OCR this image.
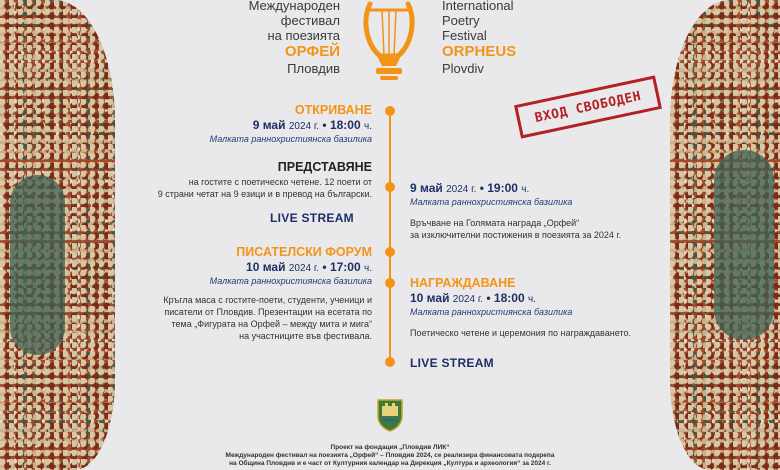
Международен
фестивал
на поезията
ОРФЕЙ
Пловдив
International
Poetry
Festival
ORPHEUS
Plovdiv
ВХОД СВОБОДЕН
ОТКРИВАНЕ
9 май 2024 г. • 18:00 ч.
Малката раннохристиянска базилика
ПРЕДСТАВЯНЕ
на гостите с поетическо четене. 12 поети от
9 страни четат на 9 езици и в превод на български.
LIVE STREAM
ПИСАТЕЛСКИ ФОРУМ
10 май 2024 г. • 17:00 ч.
Малката раннохристиянска базилика
Кръгла маса с гостите-поети, студенти, ученици и
писатели от Пловдив. Презентации на есетата по
тема „Фигурата на Орфей – между мита и мига“
на участниците във фестивала.
9 май 2024 г. • 19:00 ч.
Малката раннохристиянска базилика
Връчване на Голямата награда „Орфей“
за изключителни постижения в поезията за 2024 г.
НАГРАЖДАВАНЕ
10 май 2024 г. • 18:00 ч.
Малката раннохристиянска базилика
Поетическо четене и церемония по награждаването.
LIVE STREAM
Проект на фондация „Пловдив ЛИК“
Международен фестивал на поезията „Орфей“ – Пловдив 2024, се реализира финансовата подкрепа
на Община Пловдив и е част от Културния календар на Дирекция „Култура и археология“ за 2024 г.
